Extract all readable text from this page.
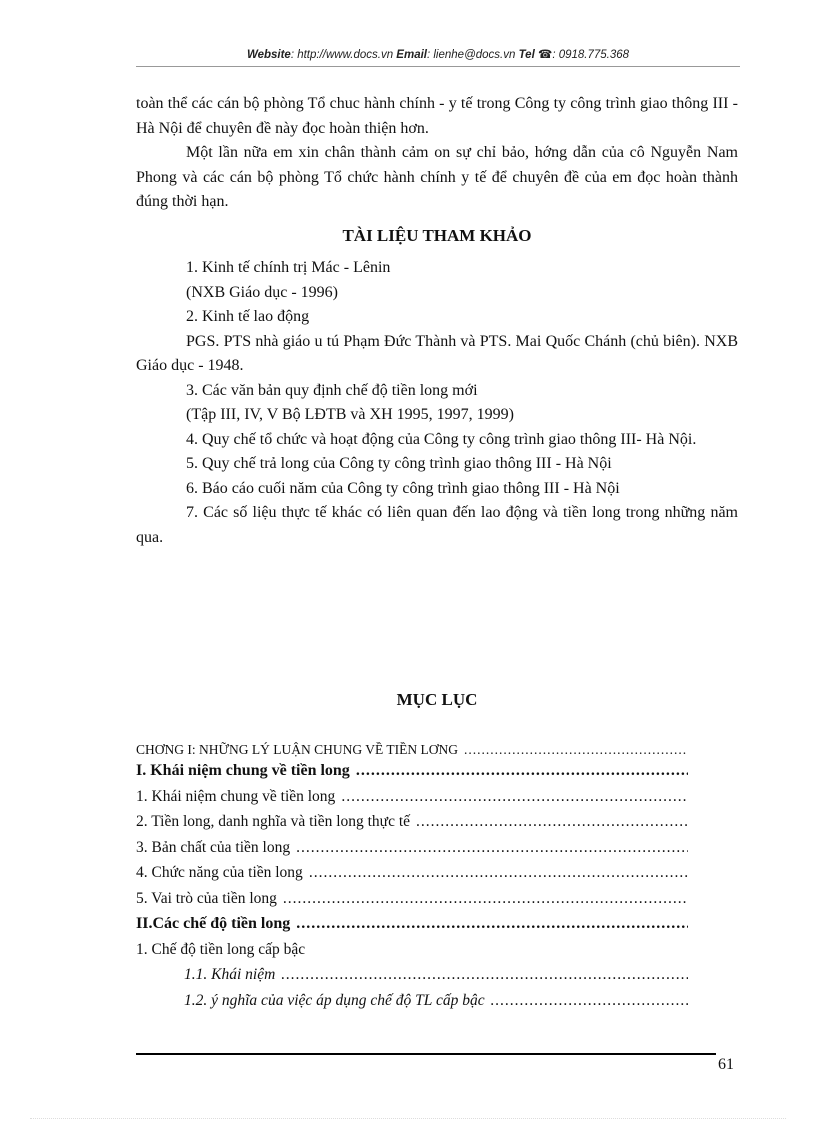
Website: http://www.docs.vn Email: lienhe@docs.vn Tel ☎: 0918.775.368

toàn thể các cán bộ phòng Tổ chuc hành chính - y tế trong Công ty công trình giao thông III - Hà Nội để chuyên đề này đọc hoàn thiện hơn.

Một lần nữa em xin chân thành cảm on sự chỉ bảo, hớng dẫn của cô Nguyễn Nam Phong và các cán bộ phòng Tổ chức hành chính y tế để chuyên đề của em đọc hoàn thành đúng thời hạn.

TÀI LIỆU THAM KHẢO

1. Kinh tế chính trị Mác - Lênin

(NXB Giáo dục - 1996)

2. Kinh tế lao động

PGS. PTS nhà giáo u tú Phạm Đức Thành và PTS. Mai Quốc Chánh (chủ biên). NXB Giáo dục - 1948.

3. Các văn bản quy định chế độ tiền long mới

(Tập III, IV, V Bộ LĐTB và XH 1995, 1997, 1999)

4. Quy chế tổ chức và hoạt động của Công ty công trình giao thông III- Hà Nội.

5. Quy chế trả long của Công ty công trình giao thông III - Hà Nội

6. Báo cáo cuối năm của Công ty công trình giao thông III - Hà Nội

7. Các số liệu thực tế khác có liên quan đến lao động và tiền long trong những năm qua.

MỤC LỤC
CHƠNG I: NHỮNG LÝ LUẬN CHUNG VỀ TIỀN LƠNG
.....
I. Khái niệm chung về tiền long
.....
1. Khái niệm chung về tiền long
.....
2. Tiền long, danh nghĩa và tiền long thực tế
.....
3. Bản chất của tiền long
.....
4. Chức năng của tiền long
.....
5. Vai trò của tiền long
.....
II.Các chế độ tiền long
.....
1. Chế độ tiền long cấp bậc
1.1. Khái niệm
.....
1.2. ý nghĩa của việc áp dụng chế độ TL cấp bậc
.....
61
